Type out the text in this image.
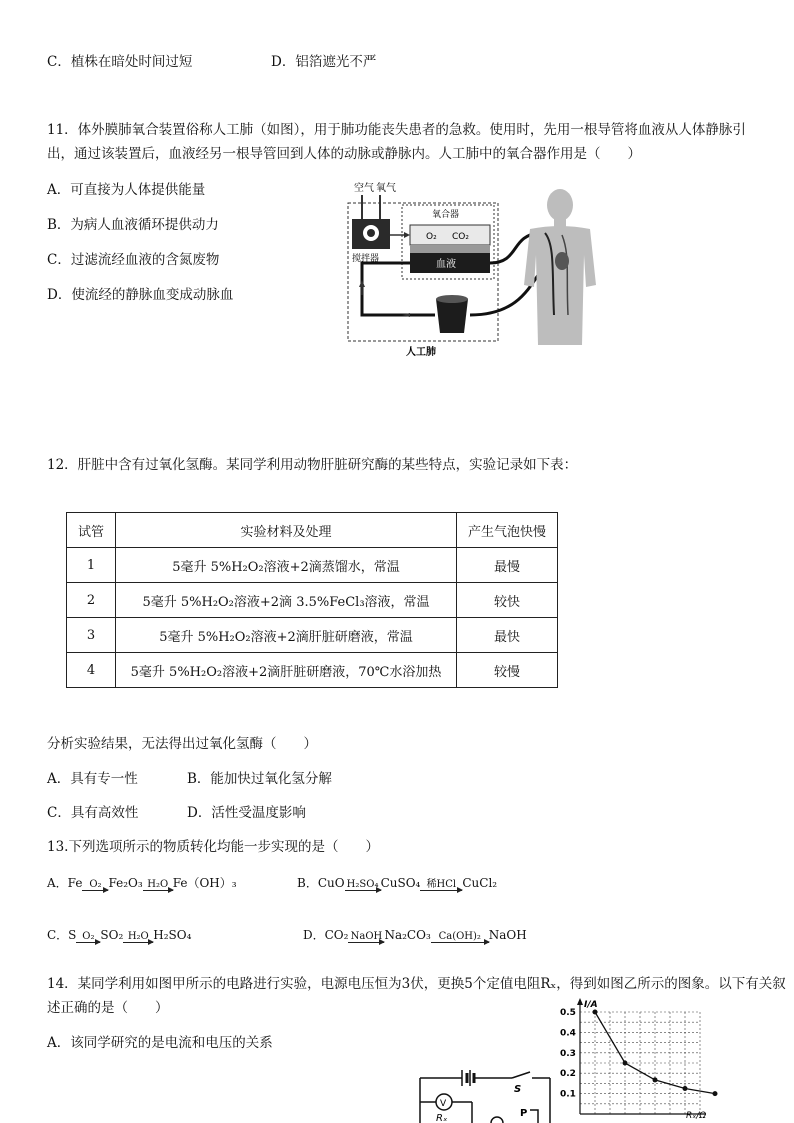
C．植株在暗处时间过短	D．铝箔遮光不严
11．体外膜肺氧合装置俗称人工肺（如图），用于肺功能丧失患者的急救。使用时，先用一根导管将血液从人体静脉引出，通过该装置后，血液经另一根导管回到人体的动脉或静脉内。人工肺中的氧合器作用是（　　）
A．可直接为人体提供能量
B．为病人血液循环提供动力
C．过滤流经血液的含氮废物
D．使流经的静脉血变成动脉血
空气 氧气
搅拌器
氧合器
O₂ CO₂
血液
人工肺
12．肝脏中含有过氧化氢酶。某同学利用动物肝脏研究酶的某些特点，实验记录如下表：
试管	实验材料及处理	产生气泡快慢
1	5毫升 5%H₂O₂溶液+2滴蒸馏水，常温	最慢
2	5毫升 5%H₂O₂溶液+2滴 3.5%FeCl₃溶液，常温	较快
3	5毫升 5%H₂O₂溶液+2滴肝脏研磨液，常温	最快
4	5毫升 5%H₂O₂溶液+2滴肝脏研磨液，70℃水浴加热	较慢
分析实验结果，无法得出过氧化氢酶（　　）
A．具有专一性	B．能加快过氧化氢分解
C．具有高效性	D．活性受温度影响
13.下列选项所示的物质转化均能一步实现的是（　　）
A．Fe O₂ Fe₂O₃ H₂O Fe（OH）₃	B．CuO H₂SO₄ CuSO₄ 稀HCl CuCl₂
C．S O₂ SO₂ H₂O H₂SO₄	D．CO₂ NaOH Na₂CO₃ Ca(OH)₂ NaOH
14．某同学利用如图甲所示的电路进行实验，电源电压恒为3伏，更换5个定值电阻Rₓ，得到如图乙所示的图象。以下有关叙述正确的是（　　）
A．该同学研究的是电流和电压的关系
S
V
Rₓ	P
I/A
Rₓ/Ω
0.5
0.4
0.3
0.2
0.1
